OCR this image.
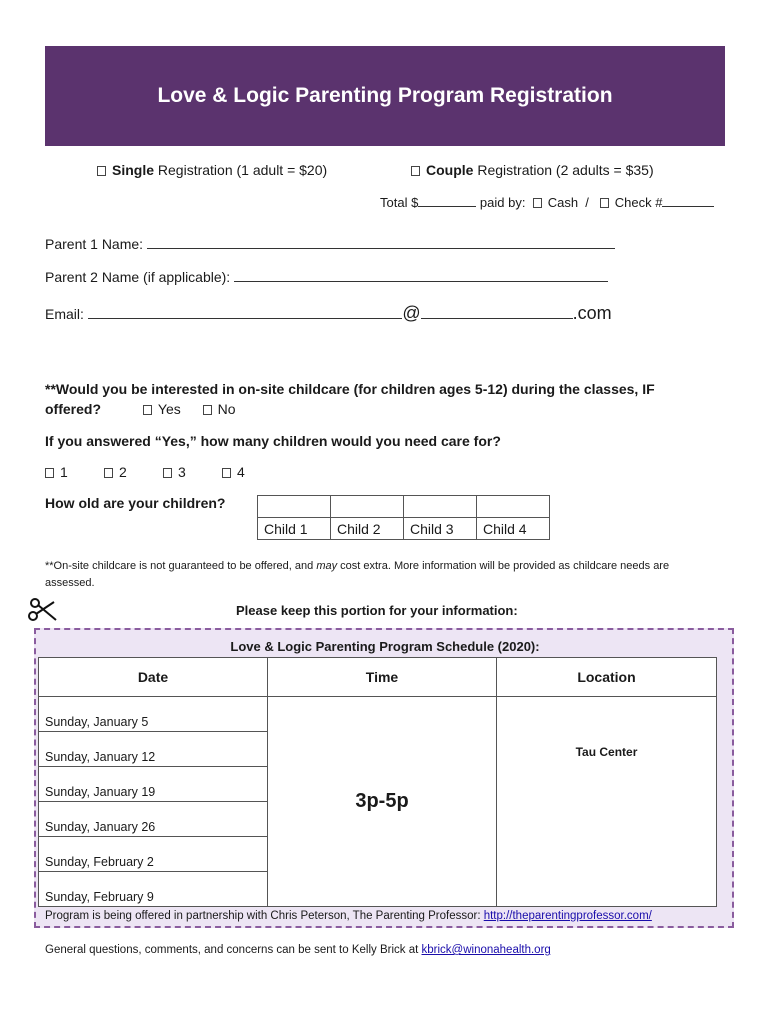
Love & Logic Parenting Program Registration
Single Registration (1 adult = $20)	Couple Registration (2 adults = $35)
Total $	paid by: Cash / Check #
Parent 1 Name:
Parent 2 Name (if applicable):
Email:	@	.com
**Would you be interested in on-site childcare (for children ages 5-12) during the classes, IF
offered?	Yes	No
If you answered “Yes,” how many children would you need care for?
1	2	3	4
How old are your children?

Child 1	Child 2	Child 3	Child 4
**On-site childcare is not guaranteed to be offered, and may cost extra. More information will be provided as childcare needs are
assessed.
Please keep this portion for your information:
Love & Logic Parenting Program Schedule (2020):
Date	Time	Location
Sunday, January 5	3p-5p	Tau Center
Sunday, January 12		
Sunday, January 19		
Sunday, January 26		
Sunday, February 2		
Sunday, February 9		
Program is being offered in partnership with Chris Peterson, The Parenting Professor: http://theparentingprofessor.com/
General questions, comments, and concerns can be sent to Kelly Brick at kbrick@winonahealth.org
